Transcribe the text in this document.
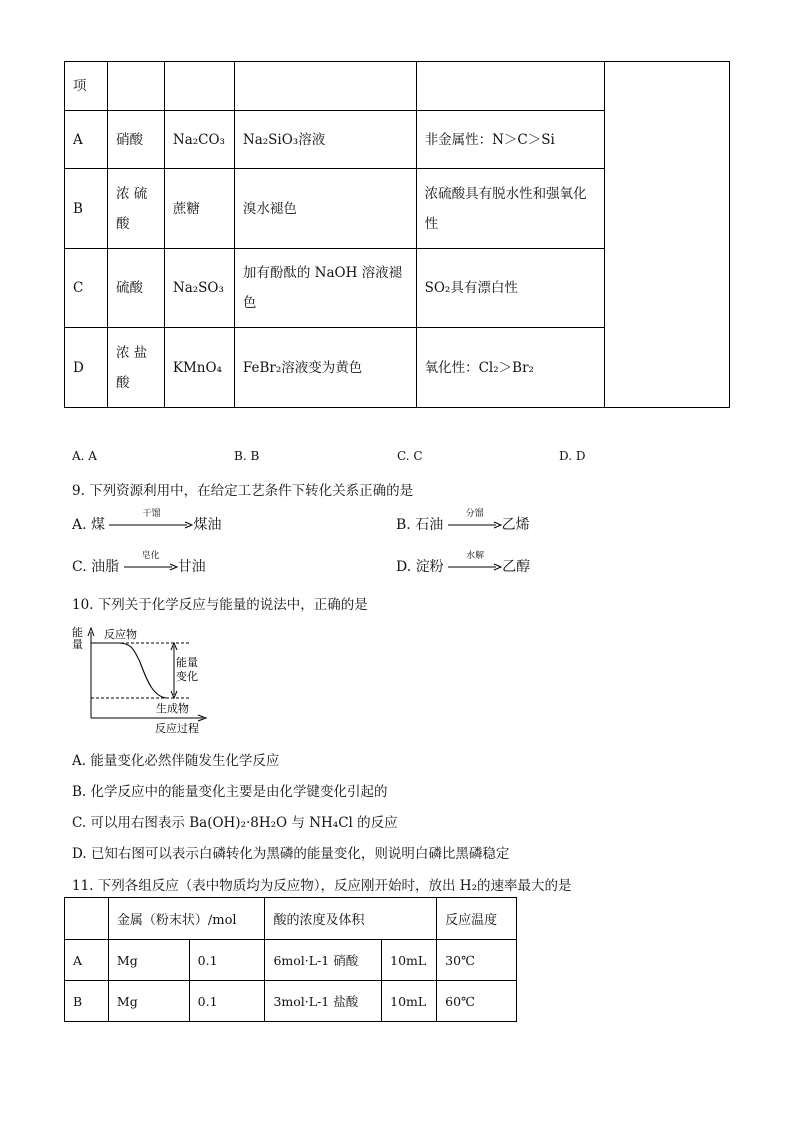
项					
A	硝酸	Na₂CO₃	Na₂SiO₃溶液	非金属性：N＞C＞Si	
B	浓 硫 酸	蔗糖	溴水褪色	浓硫酸具有脱水性和强氧化性	
C	硫酸	Na₂SO₃	加有酚酞的 NaOH 溶液褪色	SO₂具有漂白性	
D	浓 盐 酸	KMnO₄	FeBr₂溶液变为黄色	氧化性：Cl₂＞Br₂	
A. A	B. B	C. C	D. D
9. 下列资源利用中，在给定工艺条件下转化关系正确的是
A. 煤
干馏
煤油	B. 石油
分馏
乙烯
C. 油脂
皂化
甘油	D. 淀粉
水解
乙醇
10. 下列关于化学反应与能量的说法中，正确的是
能
量
反应物
生成物
能量
变化
反应过程
A. 能量变化必然伴随发生化学反应
B. 化学反应中的能量变化主要是由化学键变化引起的
C. 可以用右图表示 Ba(OH)₂·8H₂O 与 NH₄Cl 的反应
D. 已知右图可以表示白磷转化为黑磷的能量变化，则说明白磷比黑磷稳定
11. 下列各组反应（表中物质均为反应物），反应刚开始时，放出 H₂的速率最大的是
	金属（粉末状）/mol		酸的浓度及体积		反应温度
A	Mg	0.1	6mol·L-1 硝酸	10mL	30℃
B	Mg	0.1	3mol·L-1 盐酸	10mL	60℃
